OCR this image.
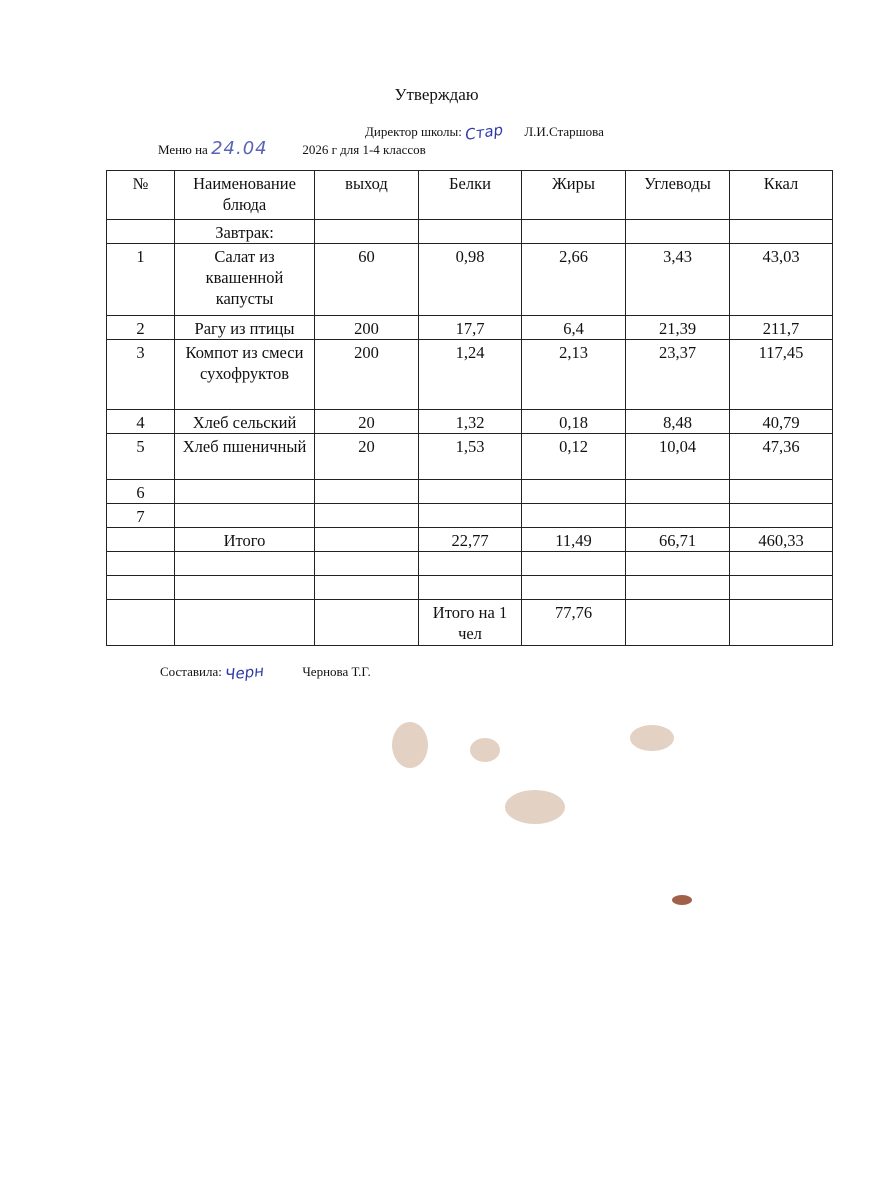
Утверждаю
Директор школы: Стар Л.И.Старшова
Меню на 24.04	2026 г для 1-4 классов
№	Наименование блюда	выход	Белки	Жиры	Углеводы	Ккал
	Завтрак:					
1	Салат из квашенной капусты	60	0,98	2,66	3,43	43,03
2	Рагу из птицы	200	17,7	6,4	21,39	211,7
3	Компот из смеси сухофруктов	200	1,24	2,13	23,37	117,45
4	Хлеб сельский	20	1,32	0,18	8,48	40,79
5	Хлеб пшеничный	20	1,53	0,12	10,04	47,36
6						
7						
	Итого		22,77	11,49	66,71	460,33

			Итого на 1 чел	77,76		
Составила: Черн	Чернова Т.Г.
